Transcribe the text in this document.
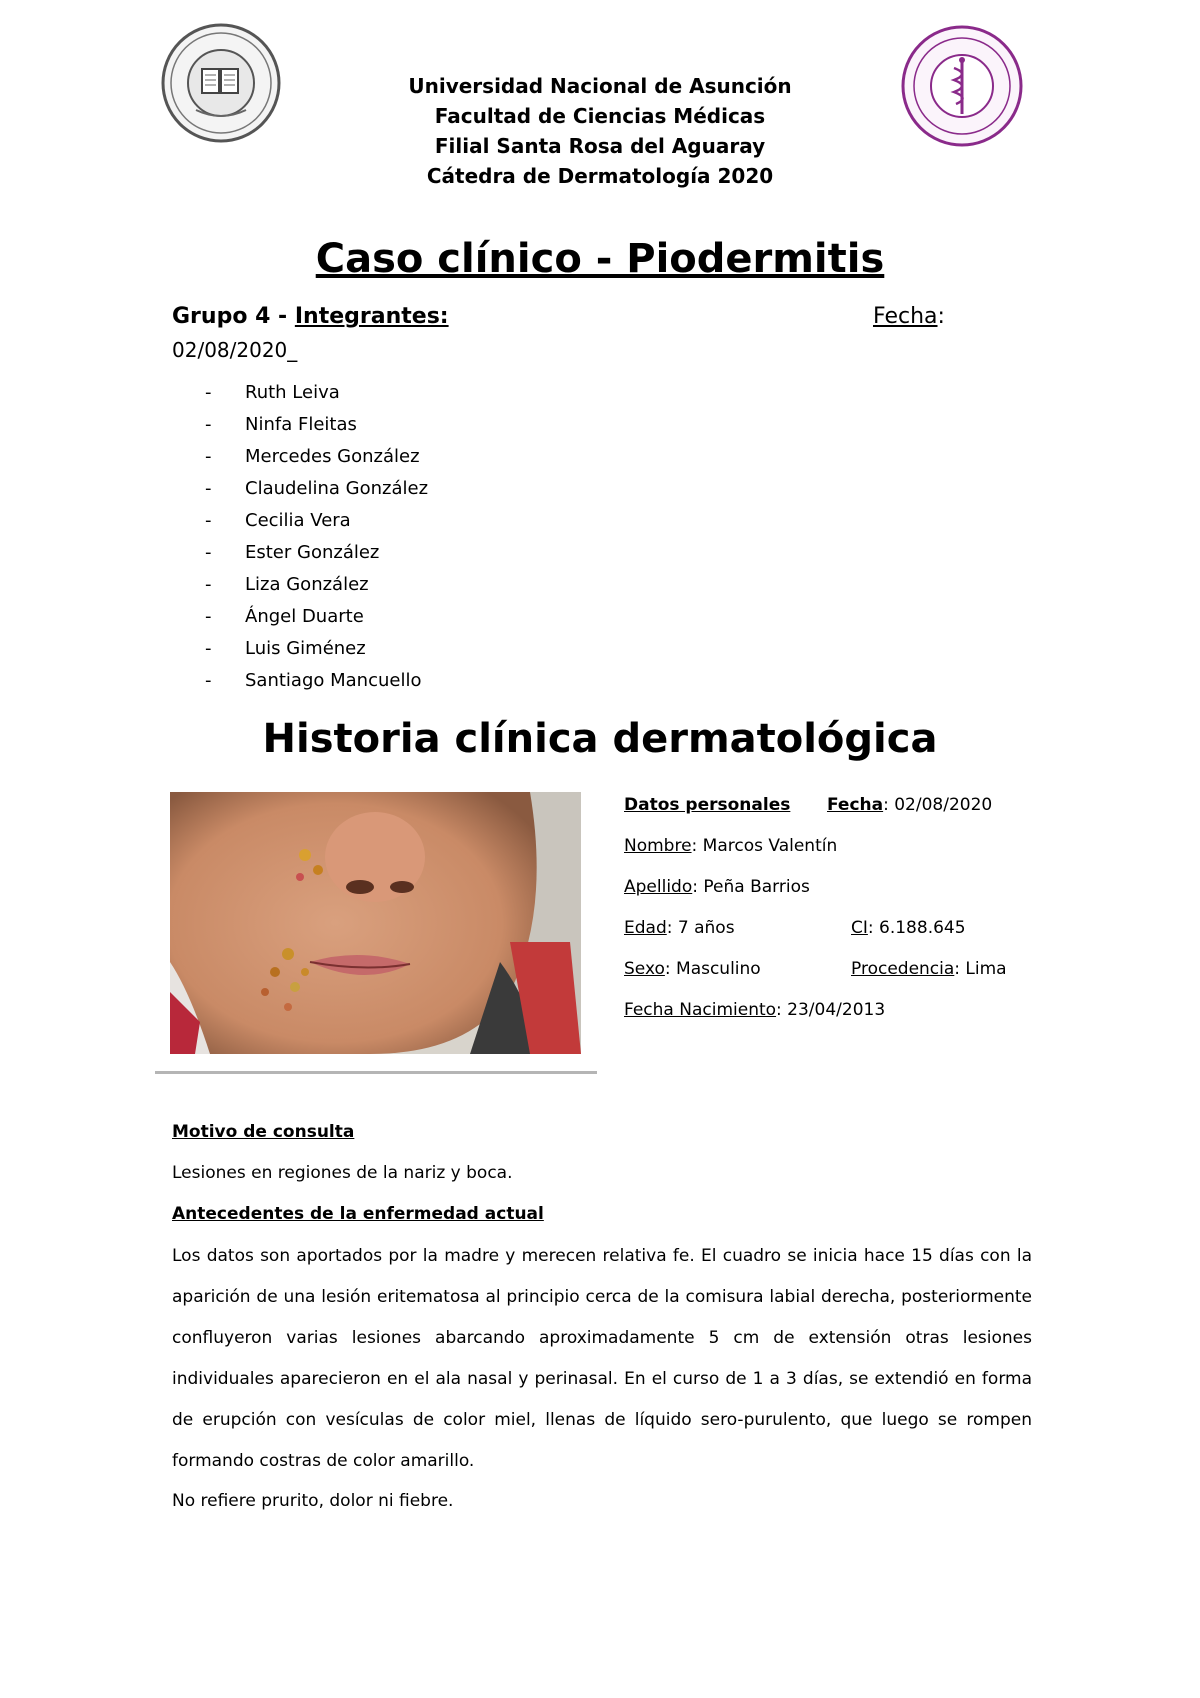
Universidad Nacional de Asunción
Facultad de Ciencias Médicas
Filial Santa Rosa del Aguaray
Cátedra de Dermatología 2020
Caso clínico - Piodermitis
Grupo 4 - Integrantes:	Fecha:
02/08/2020_
- Ruth Leiva
- Ninfa Fleitas
- Mercedes González
- Claudelina González
- Cecilia Vera
- Ester González
- Liza González
- Ángel Duarte
- Luis Giménez
- Santiago Mancuello
Historia clínica dermatológica
Datos personales Fecha: 02/08/2020
Nombre: Marcos Valentín
Apellido: Peña Barrios
Edad: 7 años	CI: 6.188.645
Sexo: Masculino	Procedencia: Lima
Fecha Nacimiento: 23/04/2013
Motivo de consulta
Lesiones en regiones de la nariz y boca.
Antecedentes de la enfermedad actual
Los datos son aportados por la madre y merecen relativa fe. El cuadro se inicia hace 15 días con la aparición de una lesión eritematosa al principio cerca de la comisura labial derecha, posteriormente confluyeron varias lesiones abarcando aproximadamente 5 cm de extensión otras lesiones individuales aparecieron en el ala nasal y perinasal. En el curso de 1 a 3 días, se extendió en forma de erupción con vesículas de color miel, llenas de líquido sero-purulento, que luego se rompen formando costras de color amarillo.
No refiere prurito, dolor ni fiebre.
